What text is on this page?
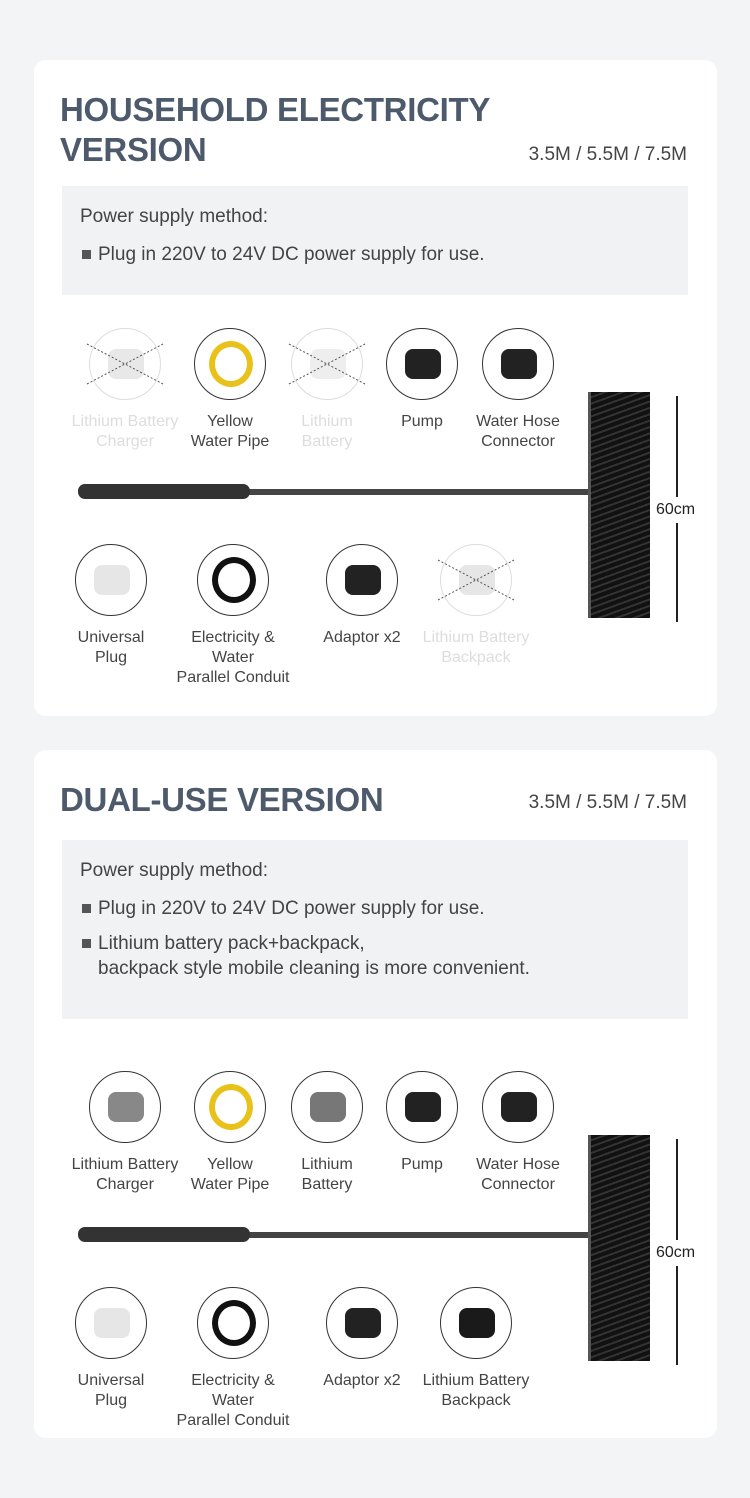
HOUSEHOLD ELECTRICITY
VERSION	3.5M / 5.5M / 7.5M
Power supply method:
Plug in 220V to 24V DC power supply for use.
60cm
Lithium Battery
Charger
Yellow
Water Pipe
Lithium
Battery
Pump	Water Hose
Connector
Universal
Plug
Electricity & Water
Parallel Conduit
Adaptor x2	Lithium Battery
Backpack
DUAL-USE VERSION	3.5M / 5.5M / 7.5M
Power supply method:
Plug in 220V to 24V DC power supply for use.
Lithium battery pack+backpack,
backpack style mobile cleaning is more convenient.
60cm
Lithium Battery
Charger
Yellow
Water Pipe
Lithium
Battery
Pump	Water Hose
Connector
Universal
Plug
Electricity & Water
Parallel Conduit
Adaptor x2	Lithium Battery
Backpack
